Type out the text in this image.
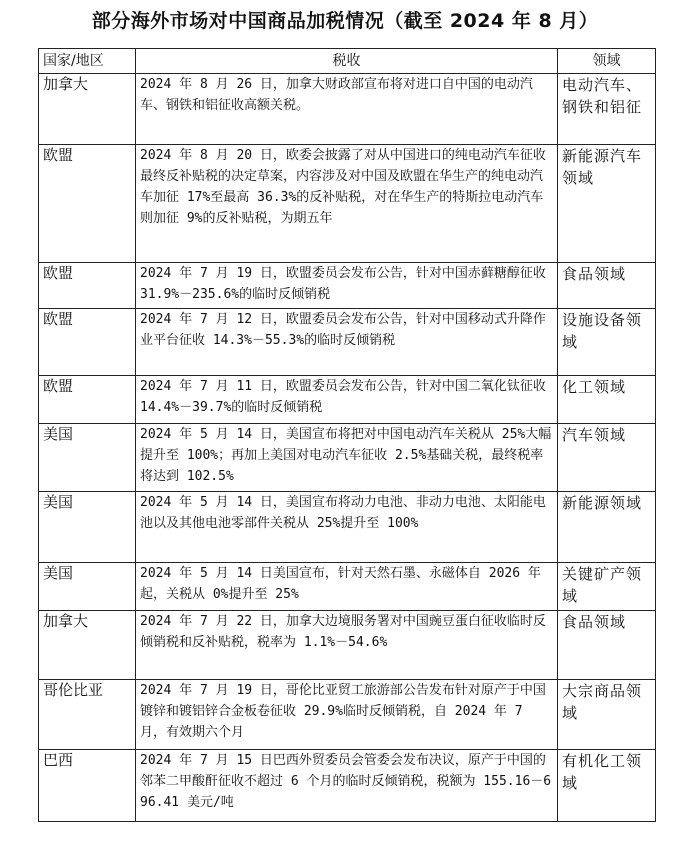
部分海外市场对中国商品加税情况（截至 2024 年 8 月）
国家/地区	税收	领域
加拿大	2024 年 8 月 26 日，加拿大财政部宣布将对进口自中国的电动汽车、钢铁和铝征收高额关税。	电动汽车、钢铁和铝征
欧盟	2024 年 8 月 20 日，欧委会披露了对从中国进口的纯电动汽车征收最终反补贴税的决定草案，内容涉及对中国及欧盟在华生产的纯电动汽车加征 17%至最高 36.3%的反补贴税，对在华生产的特斯拉电动汽车则加征 9%的反补贴税，为期五年	新能源汽车领域
欧盟	2024 年 7 月 19 日，欧盟委员会发布公告，针对中国赤藓糖醇征收 31.9%－235.6%的临时反倾销税	食品领域
欧盟	2024 年 7 月 12 日，欧盟委员会发布公告，针对中国移动式升降作业平台征收 14.3%－55.3%的临时反倾销税	设施设备领域
欧盟	2024 年 7 月 11 日，欧盟委员会发布公告，针对中国二氧化钛征收 14.4%－39.7%的临时反倾销税	化工领域
美国	2024 年 5 月 14 日，美国宣布将把对中国电动汽车关税从 25%大幅提升至 100%；再加上美国对电动汽车征收 2.5%基础关税，最终税率将达到 102.5%	汽车领域
美国	2024 年 5 月 14 日，美国宣布将动力电池、非动力电池、太阳能电池以及其他电池零部件关税从 25%提升至 100%	新能源领域
美国	2024 年 5 月 14 日美国宣布，针对天然石墨、永磁体自 2026 年起，关税从 0%提升至 25%	关键矿产领域
加拿大	2024 年 7 月 22 日，加拿大边境服务署对中国豌豆蛋白征收临时反倾销税和反补贴税，税率为 1.1%－54.6%	食品领域
哥伦比亚	2024 年 7 月 19 日，哥伦比亚贸工旅游部公告发布针对原产于中国镀锌和镀铝锌合金板卷征收 29.9%临时反倾销税，自 2024 年 7 月，有效期六个月	大宗商品领域
巴西	2024 年 7 月 15 日巴西外贸委员会管委会发布决议，原产于中国的邻苯二甲酸酐征收不超过 6 个月的临时反倾销税，税额为 155.16－696.41 美元/吨	有机化工领域
